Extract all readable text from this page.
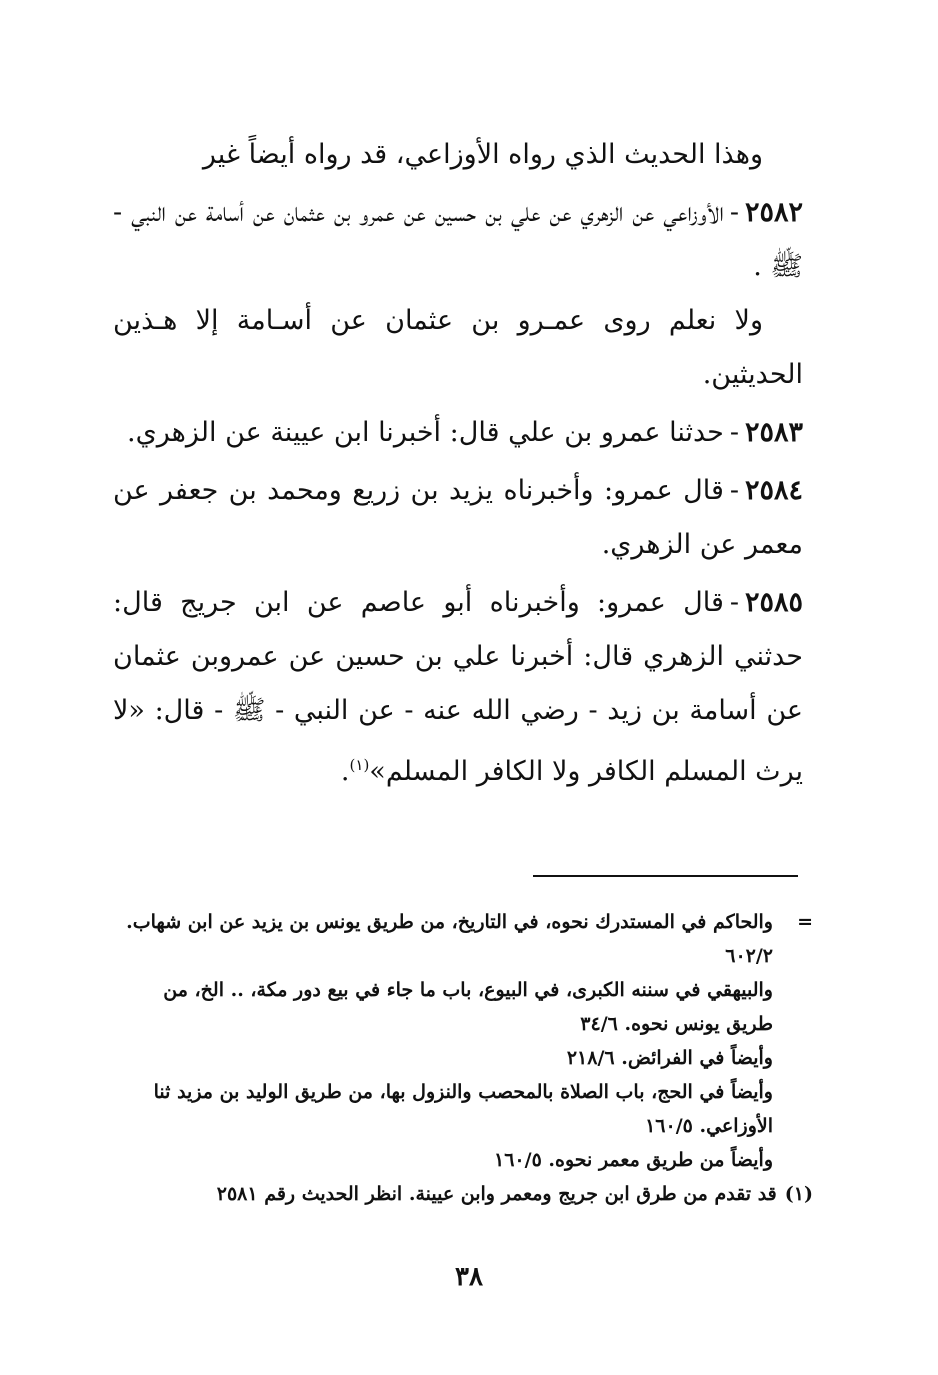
وهذا الحديث الذي رواه الأوزاعي، قد رواه أيضاً غير

٢٥٨٢-الأوزاعي عن الزهري عن علي بن حسين عن عمرو بن عثمان عن أسامة عن النبي - ﷺ .

ولا نعلم روى عمـرو بن عثمان عن أسـامة إلا هـذين الحديثين.

٢٥٨٣-حدثنا عمرو بن علي قال: أخبرنا ابن عيينة عن الزهري.

٢٥٨٤-قال عمرو: وأخبرناه يزيد بن زريع ومحمد بن جعفر عن معمر عن الزهري.

٢٥٨٥-قال عمرو: وأخبرناه أبو عاصم عن ابن جريج قال: حدثني الزهري قال: أخبرنا علي بن حسين عن عمروبن عثمان عن أسامة بن زيد - رضي الله عنه - عن النبي - ﷺ - قال: «لا يرث المسلم الكافر ولا الكافر المسلم»$^{(١)}$.

=
والحاكم في المستدرك نحوه، في التاريخ، من طريق يونس بن يزيد عن ابن شهاب. ٦٠٢/٢

والبيهقي في سننه الكبرى، في البيوع، باب ما جاء في بيع دور مكة، .. الخ، من طريق يونس نحوه. ٣٤/٦

وأيضاً في الفرائض. ٢١٨/٦

وأيضاً في الحج، باب الصلاة بالمحصب والنزول بها، من طريق الوليد بن مزيد ثنا الأوزاعي. ١٦٠/٥

وأيضاً من طريق معمر نحوه. ١٦٠/٥

(١)قد تقدم من طرق ابن جريج ومعمر وابن عيينة. انظر الحديث رقم ٢٥٨١

٣٨
